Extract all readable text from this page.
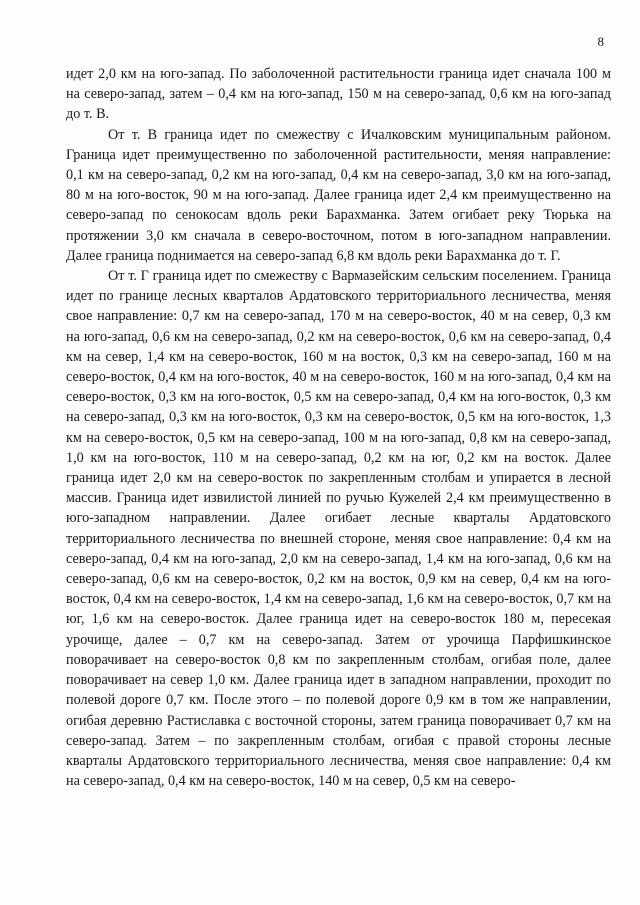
8

идет 2,0 км на юго-запад. По заболоченной растительности граница идет сначала 100 м на северо-запад, затем – 0,4 км на юго-запад, 150 м на северо-запад, 0,6 км на юго-запад до т. В.

От т. В граница идет по смежеству с Ичалковским муниципальным районом. Граница идет преимущественно по заболоченной растительности, меняя направление: 0,1 км на северо-запад, 0,2 км на юго-запад, 0,4 км на северо-запад, 3,0 км на юго-запад, 80 м на юго-восток, 90 м на юго-запад. Далее граница идет 2,4 км преимущественно на северо-запад по сенокосам вдоль реки Барахманка. Затем огибает реку Тюрька на протяжении 3,0 км сначала в северо-восточном, потом в юго-западном направлении. Далее граница поднимается на северо-запад 6,8 км вдоль реки Барахманка до т. Г.

От т. Г граница идет по смежеству с Вармазейским сельским поселением. Граница идет по границе лесных кварталов Ардатовского территориального лесничества, меняя свое направление: 0,7 км на северо-запад, 170 м на северо-восток, 40 м на север, 0,3 км на юго-запад, 0,6 км на северо-запад, 0,2 км на северо-восток, 0,6 км на северо-запад, 0,4 км на север, 1,4 км на северо-восток, 160 м на восток, 0,3 км на северо-запад, 160 м на северо-восток, 0,4 км на юго-восток, 40 м на северо-восток, 160 м на юго-запад, 0,4 км на северо-восток, 0,3 км на юго-восток, 0,5 км на северо-запад, 0,4 км на юго-восток, 0,3 км на северо-запад, 0,3 км на юго-восток, 0,3 км на северо-восток, 0,5 км на юго-восток, 1,3 км на северо-восток, 0,5 км на северо-запад, 100 м на юго-запад, 0,8 км на северо-запад, 1,0 км на юго-восток, 110 м на северо-запад, 0,2 км на юг, 0,2 км на восток. Далее граница идет 2,0 км на северо-восток по закрепленным столбам и упирается в лесной массив. Граница идет извилистой линией по ручью Кужелей 2,4 км преимущественно в юго-западном направлении. Далее огибает лесные кварталы Ардатовского территориального лесничества по внешней стороне, меняя свое направление: 0,4 км на северо-запад, 0,4 км на юго-запад, 2,0 км на северо-запад, 1,4 км на юго-запад, 0,6 км на северо-запад, 0,6 км на северо-восток, 0,2 км на восток, 0,9 км на север, 0,4 км на юго-восток, 0,4 км на северо-восток, 1,4 км на северо-запад, 1,6 км на северо-восток, 0,7 км на юг, 1,6 км на северо-восток. Далее граница идет на северо-восток 180 м, пересекая урочище, далее – 0,7 км на северо-запад. Затем от урочища Парфишкинское поворачивает на северо-восток 0,8 км по закрепленным столбам, огибая поле, далее поворачивает на север 1,0 км. Далее граница идет в западном направлении, проходит по полевой дороге 0,7 км. После этого – по полевой дороге 0,9 км в том же направлении, огибая деревню Растиславка с восточной стороны, затем граница поворачивает 0,7 км на северо-запад. Затем – по закрепленным столбам, огибая с правой стороны лесные кварталы Ардатовского территориального лесничества, меняя свое направление: 0,4 км на северо-запад, 0,4 км на северо-восток, 140 м на север, 0,5 км на северо-
